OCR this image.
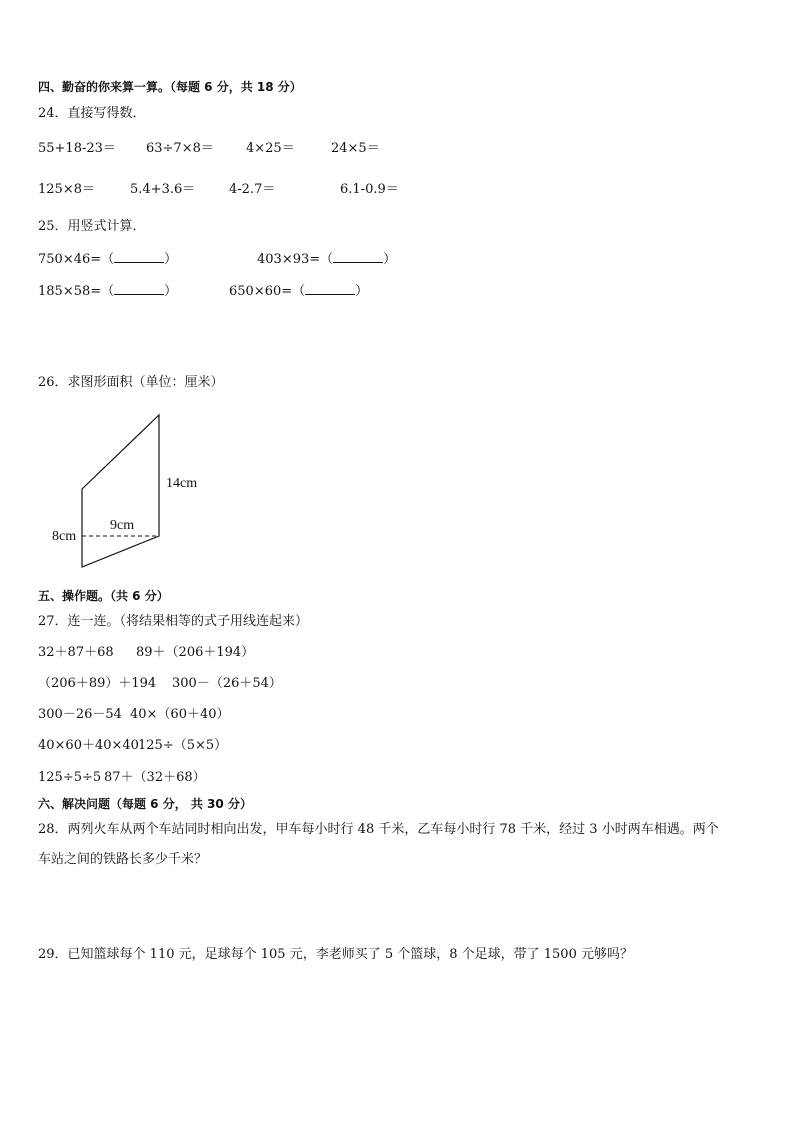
四、勤奋的你来算一算。（每题 6 分，共 18 分）
24．直接写得数．
55+18-23＝ 63÷7×8＝ 4×25＝	24×5＝
125×8＝	5.4+3.6＝	4-2.7＝	6.1-0.9＝
25．用竖式计算．
750×46=（	）	403×93=（	）
185×58=（	）	650×60=（	）
26．求图形面积（单位：厘米）
14cm
9cm
8cm
五、操作题。（共 6 分）
27．连一连。（将结果相等的式子用线连起来）
32＋87＋68 89＋（206＋194）
（206＋89）＋194 300－（26＋54）
300－26－54 40×（60＋40）
40×60＋40×40 125÷（5×5）
125÷5÷5 87＋（32＋68）
六、解决问题（每题 6 分， 共 30 分）
28．两列火车从两个车站同时相向出发，甲车每小时行 48 千米，乙车每小时行 78 千米，经过 3 小时两车相遇。两个
车站之间的铁路长多少千米？
29．已知篮球每个 110 元，足球每个 105 元，李老师买了 5 个篮球，8 个足球，带了 1500 元够吗？
